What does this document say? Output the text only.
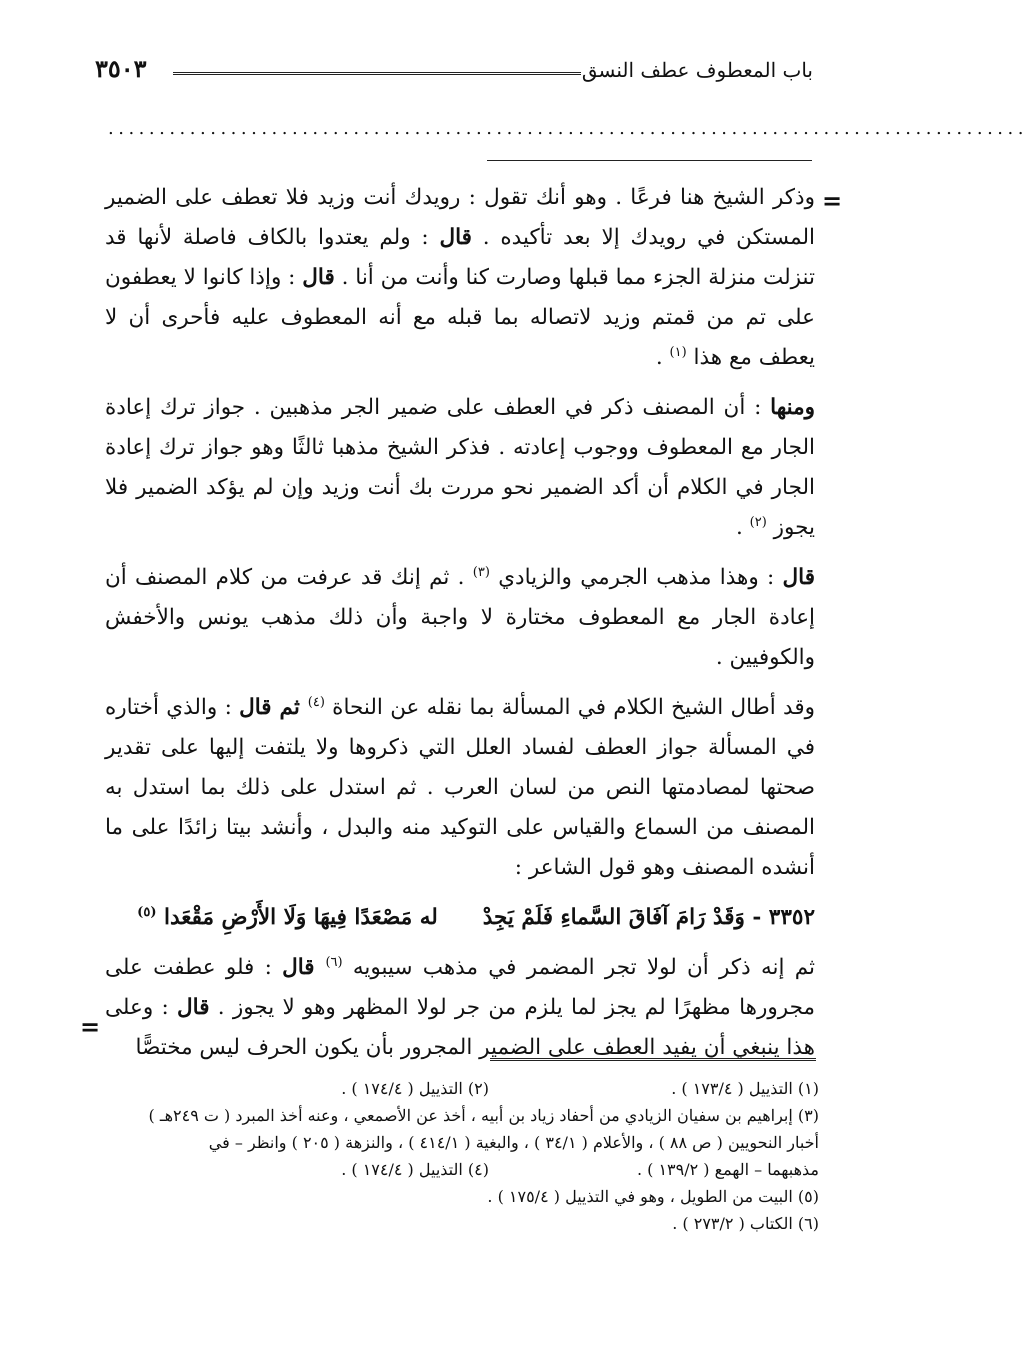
باب المعطوف عطف النسق
٣٥٠٣
..........................................................................................
=
=

وذكر الشيخ هنا فرعًا . وهو أنك تقول : رويدك أنت وزيد فلا تعطف على الضمير المستكن في رويدك إلا بعد تأكيده . قال : ولم يعتدوا بالكاف فاصلة لأنها قد تنزلت منزلة الجزء مما قبلها وصارت كنا وأنت من أنا . قال : وإذا كانوا لا يعطفون على تم من قمتم وزيد لاتصاله بما قبله مع أنه المعطوف عليه فأحرى أن لا يعطف مع هذا $^{(١)}$ .

ومنها : أن المصنف ذكر في العطف على ضمير الجر مذهبين . جواز ترك إعادة الجار مع المعطوف ووجوب إعادته . فذكر الشيخ مذهبا ثالثًا وهو جواز ترك إعادة الجار في الكلام أن أكد الضمير نحو مررت بك أنت وزيد وإن لم يؤكد الضمير فلا يجوز $^{(٢)}$ .

قال : وهذا مذهب الجرمي والزيادي $^{(٣)}$ . ثم إنك قد عرفت من كلام المصنف أن إعادة الجار مع المعطوف مختارة لا واجبة وأن ذلك مذهب يونس والأخفش والكوفيين .

وقد أطال الشيخ الكلام في المسألة بما نقله عن النحاة $^{(٤)}$ ثم قال : والذي أختاره في المسألة جواز العطف لفساد العلل التي ذكروها ولا يلتفت إليها على تقدير صحتها لمصادمتها النص من لسان العرب . ثم استدل على ذلك بما استدل به المصنف من السماع والقياس على التوكيد منه والبدل ، وأنشد بيتا زائدًا على ما أنشده المصنف وهو قول الشاعر :

٣٣٥٢ - وَقَدْ رَامَ آفَاقَ السَّماءِ فَلَمْ يَجِدْ      له مَصْعَدًا فِيهَا وَلَا الأَرْضِ مَقْعَدا $^{(٥)}$

ثم إنه ذكر أن لولا تجر المضمر في مذهب سيبويه $^{(٦)}$ قال : فلو عطفت على مجرورها مظهرًا لم يجز لما يلزم من جر لولا المظهر وهو لا يجوز . قال : وعلى هذا ينبغي أن يفيد العطف على الضمير المجرور بأن يكون الحرف ليس مختصًّا

(١) التذييل ( ١٧٣/٤ ) .(٢) التذييل ( ١٧٤/٤ ) .
(٣) إبراهيم بن سفيان الزيادي من أحفاد زياد بن أبيه ، أخذ عن الأصمعي ، وعنه أخذ المبرد ( ت ٢٤٩هـ )
أخبار النحويين ( ص ٨٨ ) ، والأعلام ( ٣٤/١ ) ، والبغية ( ٤١٤/١ ) ، والنزهة ( ٢٠٥ ) وانظر – في
مذهبهما – الهمع ( ١٣٩/٢ ) .(٤) التذييل ( ١٧٤/٤ ) .
(٥) البيت من الطويل ، وهو في التذييل ( ١٧٥/٤ ) .
(٦) الكتاب ( ٢٧٣/٢ ) .
